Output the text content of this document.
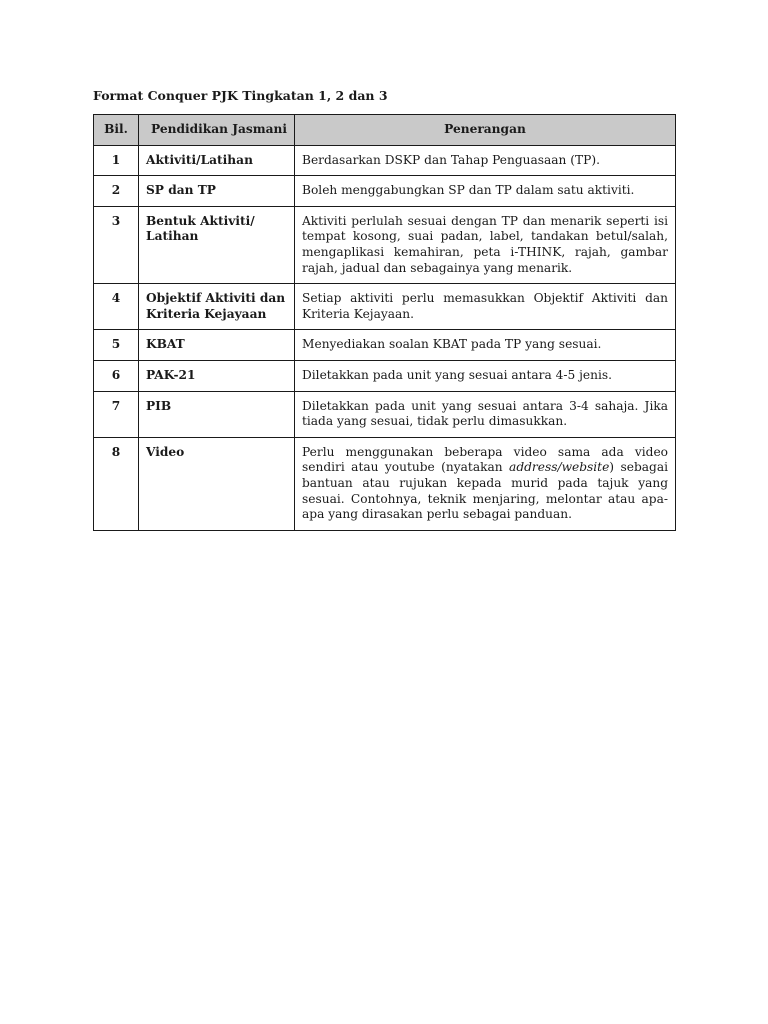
Format Conquer PJK Tingkatan 1, 2 dan 3
Bil.	Pendidikan Jasmani	Penerangan
1	Aktiviti/Latihan	Berdasarkan DSKP dan Tahap Penguasaan (TP).
2	SP dan TP	Boleh menggabungkan SP dan TP dalam satu aktiviti.
3	Bentuk Aktiviti/ Latihan	Aktiviti perlulah sesuai dengan TP dan menarik seperti isi tempat kosong, suai padan, label, tandakan betul/salah, mengaplikasi kemahiran, peta i-THINK, rajah, gambar rajah, jadual dan sebagainya yang menarik.
4	Objektif Aktiviti dan Kriteria Kejayaan	Setiap aktiviti perlu memasukkan Objektif Aktiviti dan Kriteria Kejayaan.
5	KBAT	Menyediakan soalan KBAT pada TP yang sesuai.
6	PAK-21	Diletakkan pada unit yang sesuai antara 4-5 jenis.
7	PIB	Diletakkan pada unit yang sesuai antara 3-4 sahaja. Jika tiada yang sesuai, tidak perlu dimasukkan.
8	Video	Perlu menggunakan beberapa video sama ada video sendiri atau youtube (nyatakan address/website) sebagai bantuan atau rujukan kepada murid pada tajuk yang sesuai. Contohnya, teknik menjaring, melontar atau apa-apa yang dirasakan perlu sebagai panduan.
